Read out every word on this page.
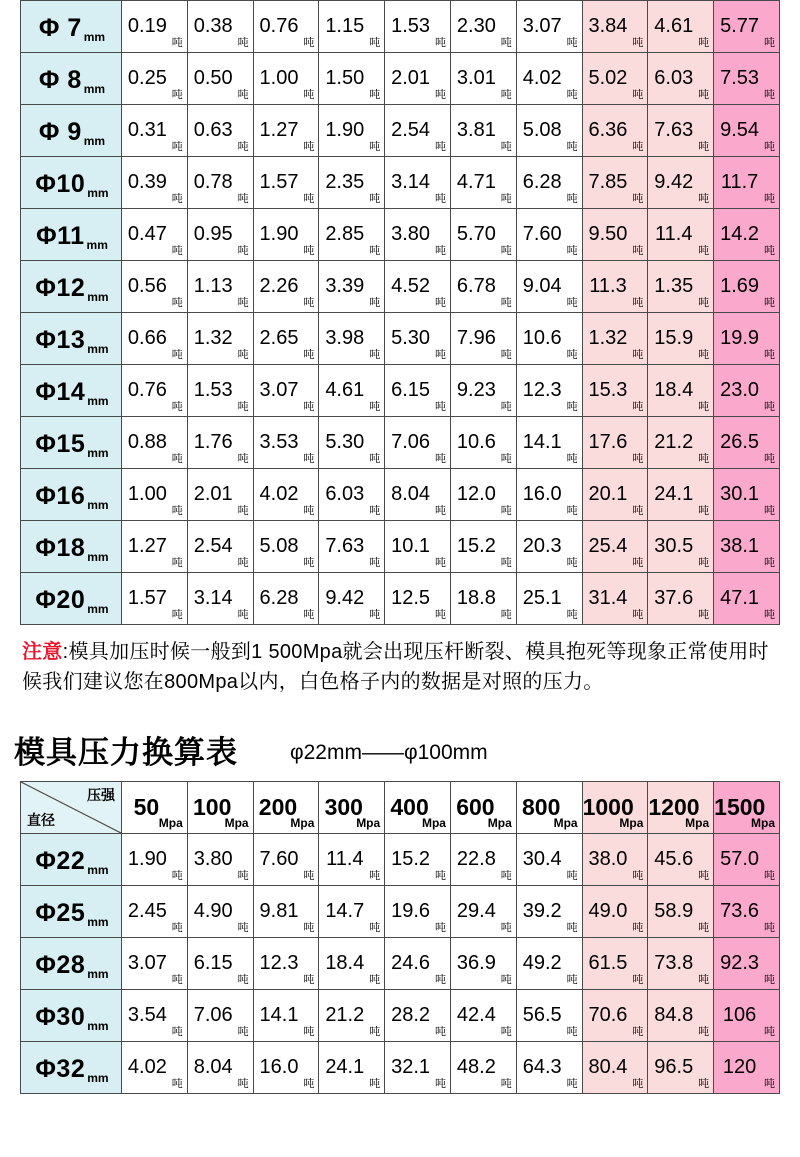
Φ 7 $_{mm}$	0.19
吨	0.38
吨	0.76
吨	1.15
吨	1.53
吨	2.30
吨	3.07
吨	3.84
吨	4.61
吨	5.77
吨

Φ 8 $_{mm}$	0.25
吨	0.50
吨	1.00
吨	1.50
吨	2.01
吨	3.01
吨	4.02
吨	5.02
吨	6.03
吨	7.53
吨

Φ 9 $_{mm}$	0.31
吨	0.63
吨	1.27
吨	1.90
吨	2.54
吨	3.81
吨	5.08
吨	6.36
吨	7.63
吨	9.54
吨

Φ10 $_{mm}$	0.39
吨	0.78
吨	1.57
吨	2.35
吨	3.14
吨	4.71
吨	6.28
吨	7.85
吨	9.42
吨	11.7
吨

Φ11 $_{mm}$	0.47
吨	0.95
吨	1.90
吨	2.85
吨	3.80
吨	5.70
吨	7.60
吨	9.50
吨	11.4
吨	14.2
吨

Φ12 $_{mm}$	0.56
吨	1.13
吨	2.26
吨	3.39
吨	4.52
吨	6.78
吨	9.04
吨	11.3
吨	1.35
吨	1.69
吨

Φ13 $_{mm}$	0.66
吨	1.32
吨	2.65
吨	3.98
吨	5.30
吨	7.96
吨	10.6
吨	1.32
吨	15.9
吨	19.9
吨

Φ14 $_{mm}$	0.76
吨	1.53
吨	3.07
吨	4.61
吨	6.15
吨	9.23
吨	12.3
吨	15.3
吨	18.4
吨	23.0
吨

Φ15 $_{mm}$	0.88
吨	1.76
吨	3.53
吨	5.30
吨	7.06
吨	10.6
吨	14.1
吨	17.6
吨	21.2
吨	26.5
吨

Φ16 $_{mm}$	1.00
吨	2.01
吨	4.02
吨	6.03
吨	8.04
吨	12.0
吨	16.0
吨	20.1
吨	24.1
吨	30.1
吨

Φ18 $_{mm}$	1.27
吨	2.54
吨	5.08
吨	7.63
吨	10.1
吨	15.2
吨	20.3
吨	25.4
吨	30.5
吨	38.1
吨

Φ20 $_{mm}$	1.57
吨	3.14
吨	6.28
吨	9.42
吨	12.5
吨	18.8
吨	25.1
吨	31.4
吨	37.6
吨	47.1
吨

注意:模具加压时候一般到1 500Mpa就会出现压杆断裂、模具抱死等现象正常使用时候我们建议您在800Mpa以内，白色格子内的数据是对照的压力。

模具压力换算表 φ22mm——φ100mm
压强
直径	50
Mpa	100
Mpa	200
Mpa	300
Mpa	400
Mpa	600
Mpa	800
Mpa	1000
Mpa	1200
Mpa	1500
Mpa

Φ22 $_{mm}$	1.90
吨	3.80
吨	7.60
吨	11.4
吨	15.2
吨	22.8
吨	30.4
吨	38.0
吨	45.6
吨	57.0
吨

Φ25 $_{mm}$	2.45
吨	4.90
吨	9.81
吨	14.7
吨	19.6
吨	29.4
吨	39.2
吨	49.0
吨	58.9
吨	73.6
吨

Φ28 $_{mm}$	3.07
吨	6.15
吨	12.3
吨	18.4
吨	24.6
吨	36.9
吨	49.2
吨	61.5
吨	73.8
吨	92.3
吨

Φ30 $_{mm}$	3.54
吨	7.06
吨	14.1
吨	21.2
吨	28.2
吨	42.4
吨	56.5
吨	70.6
吨	84.8
吨	106
吨

Φ32 $_{mm}$	4.02
吨	8.04
吨	16.0
吨	24.1
吨	32.1
吨	48.2
吨	64.3
吨	80.4
吨	96.5
吨	120
吨
